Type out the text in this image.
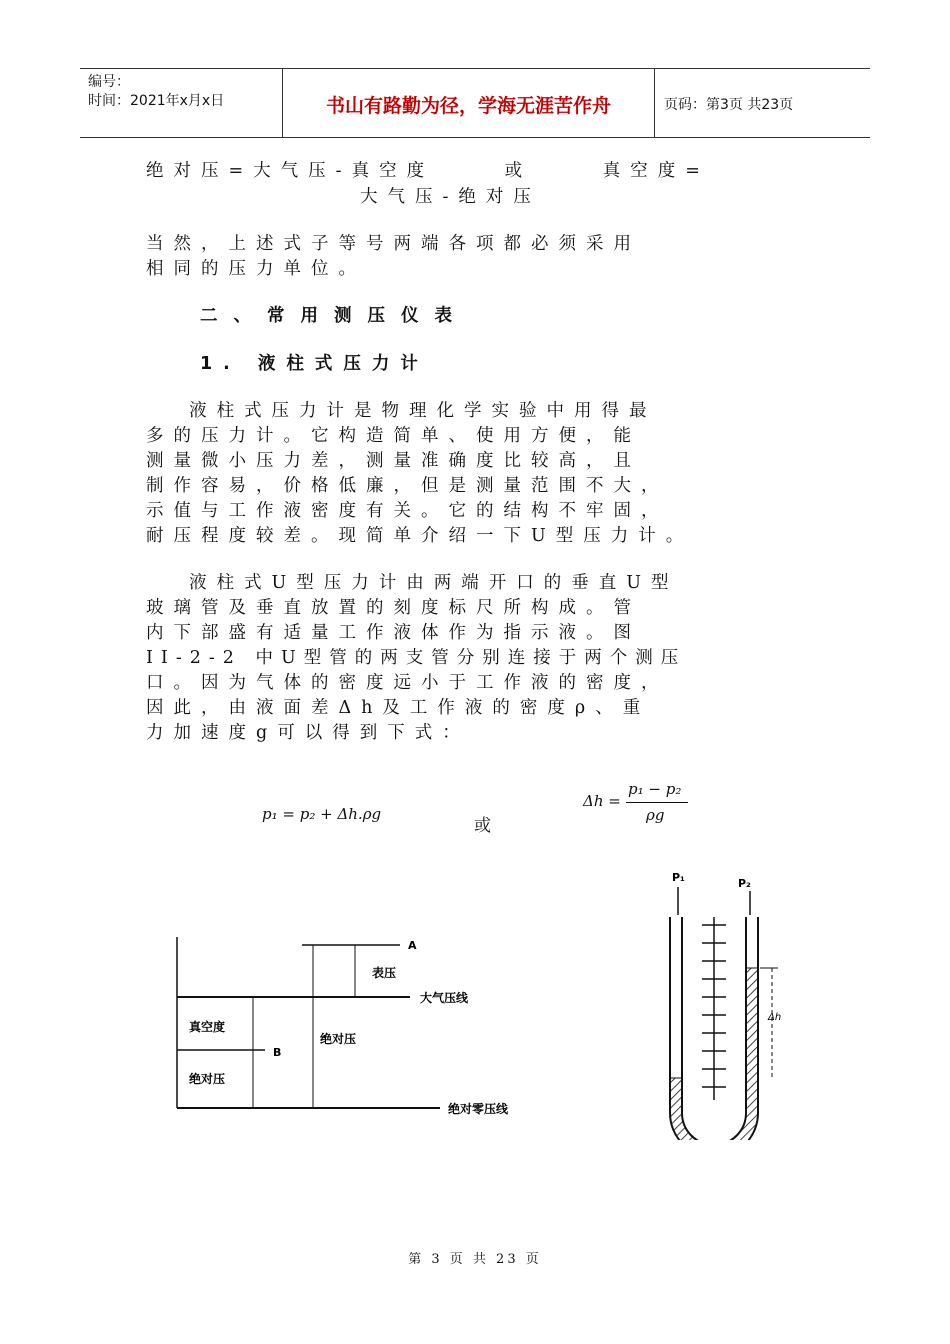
编号：
时间：2021年x月x日	书山有路勤为径，学海无涯苦作舟	页码：第3页 共23页
绝对压=大气压-真空度　　 或　　 真空度=
大气压-绝对压
当然，上述式子等号两端各项都必须采用
相同的压力单位。
二、常用测压仪表
1. 液柱式压力计
　 液柱式压力计是物理化学实验中用得最
多的压力计。它构造简单、使用方便，能
测量微小压力差，测量准确度比较高，且
制作容易，价格低廉，但是测量范围不大，
示值与工作液密度有关。它的结构不牢固，
耐压程度较差。现简单介绍一下U型压力计。
　 液柱式U型压力计由两端开口的垂直U型
玻璃管及垂直放置的刻度标尺所构成。管
内下部盛有适量工作液体作为指示液。图
II-2-2 中U型管的两支管分别连接于两个测压
口。因为气体的密度远小于工作液的密度，
因此，由液面差Δh及工作液的密度ρ、重
力加速度g可以得到下式：
p₁ = p₂ + Δh.ρg
或
Δh =
p₁ − p₂
ρg
A
表压
大气压线
绝对压
真空度
B
绝对压
绝对零压线
P₁	P₂
Δh
第 3 页 共 23 页
